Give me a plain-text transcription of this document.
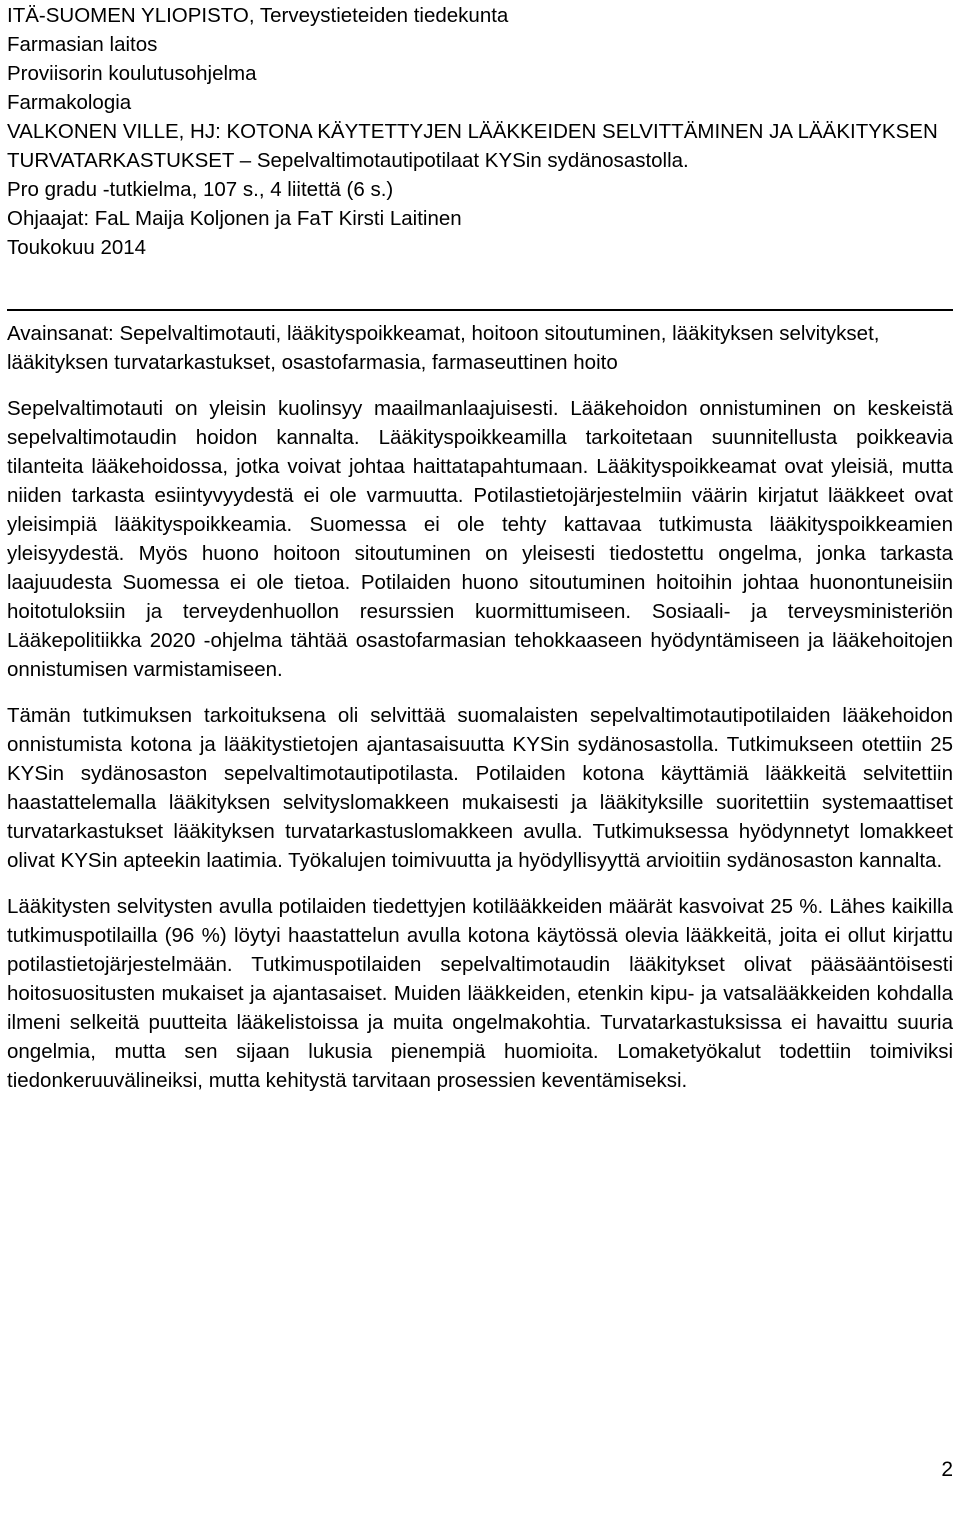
ITÄ-SUOMEN YLIOPISTO, Terveystieteiden tiedekunta
Farmasian laitos
Proviisorin koulutusohjelma
Farmakologia
VALKONEN VILLE, HJ: KOTONA KÄYTETTYJEN LÄÄKKEIDEN SELVITTÄMINEN JA LÄÄKITYKSEN TURVATARKASTUKSET – Sepelvaltimotautipotilaat KYSin sydänosastolla.
Pro gradu -tutkielma, 107 s., 4 liitettä (6 s.)
Ohjaajat: FaL Maija Koljonen ja FaT Kirsti Laitinen
Toukokuu 2014

Avainsanat: Sepelvaltimotauti, lääkityspoikkeamat, hoitoon sitoutuminen, lääkityksen selvitykset, lääkityksen turvatarkastukset, osastofarmasia, farmaseuttinen hoito

Sepelvaltimotauti on yleisin kuolinsyy maailmanlaajuisesti. Lääkehoidon onnistuminen on keskeistä sepelvaltimotaudin hoidon kannalta. Lääkityspoikkeamilla tarkoitetaan suunnitellusta poikkeavia tilanteita lääkehoidossa, jotka voivat johtaa haittatapahtumaan. Lääkityspoikkeamat ovat yleisiä, mutta niiden tarkasta esiintyvyydestä ei ole varmuutta. Potilastietojärjestelmiin väärin kirjatut lääkkeet ovat yleisimpiä lääkityspoikkeamia. Suomessa ei ole tehty kattavaa tutkimusta lääkityspoikkeamien yleisyydestä. Myös huono hoitoon sitoutuminen on yleisesti tiedostettu ongelma, jonka tarkasta laajuudesta Suomessa ei ole tietoa. Potilaiden huono sitoutuminen hoitoihin johtaa huonontuneisiin hoitotuloksiin ja terveydenhuollon resurssien kuormittumiseen. Sosiaali- ja terveysministeriön Lääkepolitiikka 2020 -ohjelma tähtää osastofarmasian tehokkaaseen hyödyntämiseen ja lääkehoitojen onnistumisen varmistamiseen.

Tämän tutkimuksen tarkoituksena oli selvittää suomalaisten sepelvaltimotautipotilaiden lääkehoidon onnistumista kotona ja lääkitystietojen ajantasaisuutta KYSin sydänosastolla. Tutkimukseen otettiin 25 KYSin sydänosaston sepelvaltimotautipotilasta. Potilaiden kotona käyttämiä lääkkeitä selvitettiin haastattelemalla lääkityksen selvityslomakkeen mukaisesti ja lääkityksille suoritettiin systemaattiset turvatarkastukset lääkityksen turvatarkastuslomakkeen avulla. Tutkimuksessa hyödynnetyt lomakkeet olivat KYSin apteekin laatimia. Työkalujen toimivuutta ja hyödyllisyyttä arvioitiin sydänosaston kannalta.

Lääkitysten selvitysten avulla potilaiden tiedettyjen kotilääkkeiden määrät kasvoivat 25 %. Lähes kaikilla tutkimuspotilailla (96 %) löytyi haastattelun avulla kotona käytössä olevia lääkkeitä, joita ei ollut kirjattu potilastietojärjestelmään. Tutkimuspotilaiden sepelvaltimotaudin lääkitykset olivat pääsääntöisesti hoitosuositusten mukaiset ja ajantasaiset. Muiden lääkkeiden, etenkin kipu- ja vatsalääkkeiden kohdalla ilmeni selkeitä puutteita lääkelistoissa ja muita ongelmakohtia. Turvatarkastuksissa ei havaittu suuria ongelmia, mutta sen sijaan lukusia pienempiä huomioita. Lomaketyökalut todettiin toimiviksi tiedonkeruuvälineiksi, mutta kehitystä tarvitaan prosessien keventämiseksi.

2
